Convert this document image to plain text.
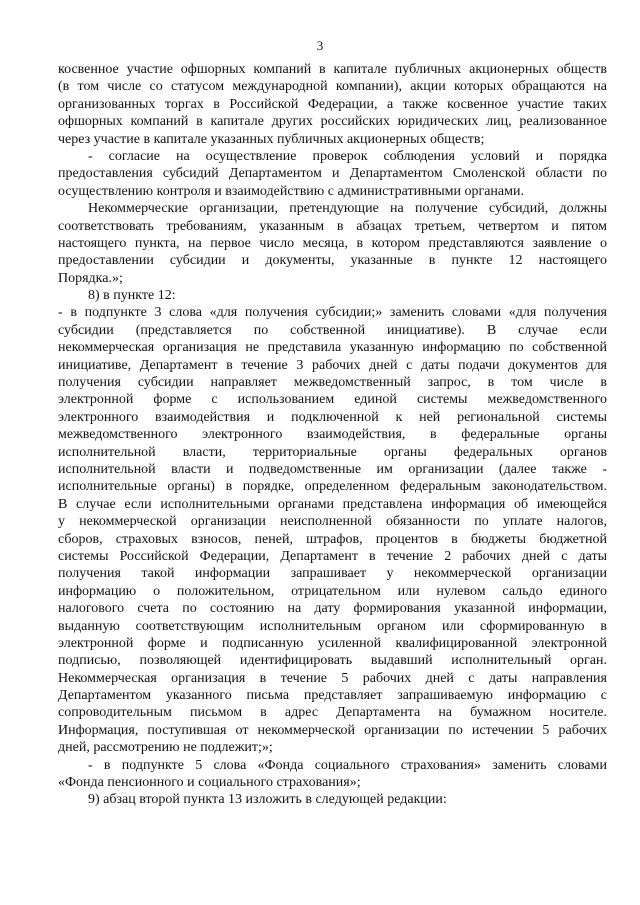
3
косвенное участие офшорных компаний в капитале публичных акционерных обществ
(в том числе со статусом международной компании), акции которых обращаются на
организованных торгах в Российской Федерации, а также косвенное участие таких
офшорных компаний в капитале других российских юридических лиц, реализованное
через участие в капитале указанных публичных акционерных обществ;
- согласие на осуществление проверок соблюдения условий и порядка
предоставления субсидий Департаментом и Департаментом Смоленской области по
осуществлению контроля и взаимодействию с административными органами.
Некоммерческие организации, претендующие на получение субсидий, должны
соответствовать требованиям, указанным в абзацах третьем, четвертом и пятом
настоящего пункта, на первое число месяца, в котором представляются заявление о
предоставлении субсидии и документы, указанные в пункте 12 настоящего
Порядка.»;
8) в пункте 12:
- в подпункте 3 слова «для получения субсидии;» заменить словами «для получения
субсидии (представляется по собственной инициативе). В случае если
некоммерческая организация не представила указанную информацию по собственной
инициативе, Департамент в течение 3 рабочих дней с даты подачи документов для
получения субсидии направляет межведомственный запрос, в том числе в
электронной форме с использованием единой системы межведомственного
электронного взаимодействия и подключенной к ней региональной системы
межведомственного электронного взаимодействия, в федеральные органы
исполнительной власти, территориальные органы федеральных органов
исполнительной власти и подведомственные им организации (далее также -
исполнительные органы) в порядке, определенном федеральным законодательством.
В случае если исполнительными органами представлена информация об имеющейся
у некоммерческой организации неисполненной обязанности по уплате налогов,
сборов, страховых взносов, пеней, штрафов, процентов в бюджеты бюджетной
системы Российской Федерации, Департамент в течение 2 рабочих дней с даты
получения такой информации запрашивает у некоммерческой организации
информацию о положительном, отрицательном или нулевом сальдо единого
налогового счета по состоянию на дату формирования указанной информации,
выданную соответствующим исполнительным органом или сформированную в
электронной форме и подписанную усиленной квалифицированной электронной
подписью, позволяющей идентифицировать выдавший исполнительный орган.
Некоммерческая организация в течение 5 рабочих дней с даты направления
Департаментом указанного письма представляет запрашиваемую информацию с
сопроводительным письмом в адрес Департамента на бумажном носителе.
Информация, поступившая от некоммерческой организации по истечении 5 рабочих
дней, рассмотрению не подлежит;»;
- в подпункте 5 слова «Фонда социального страхования» заменить словами
«Фонда пенсионного и социального страхования»;
9) абзац второй пункта 13 изложить в следующей редакции:
